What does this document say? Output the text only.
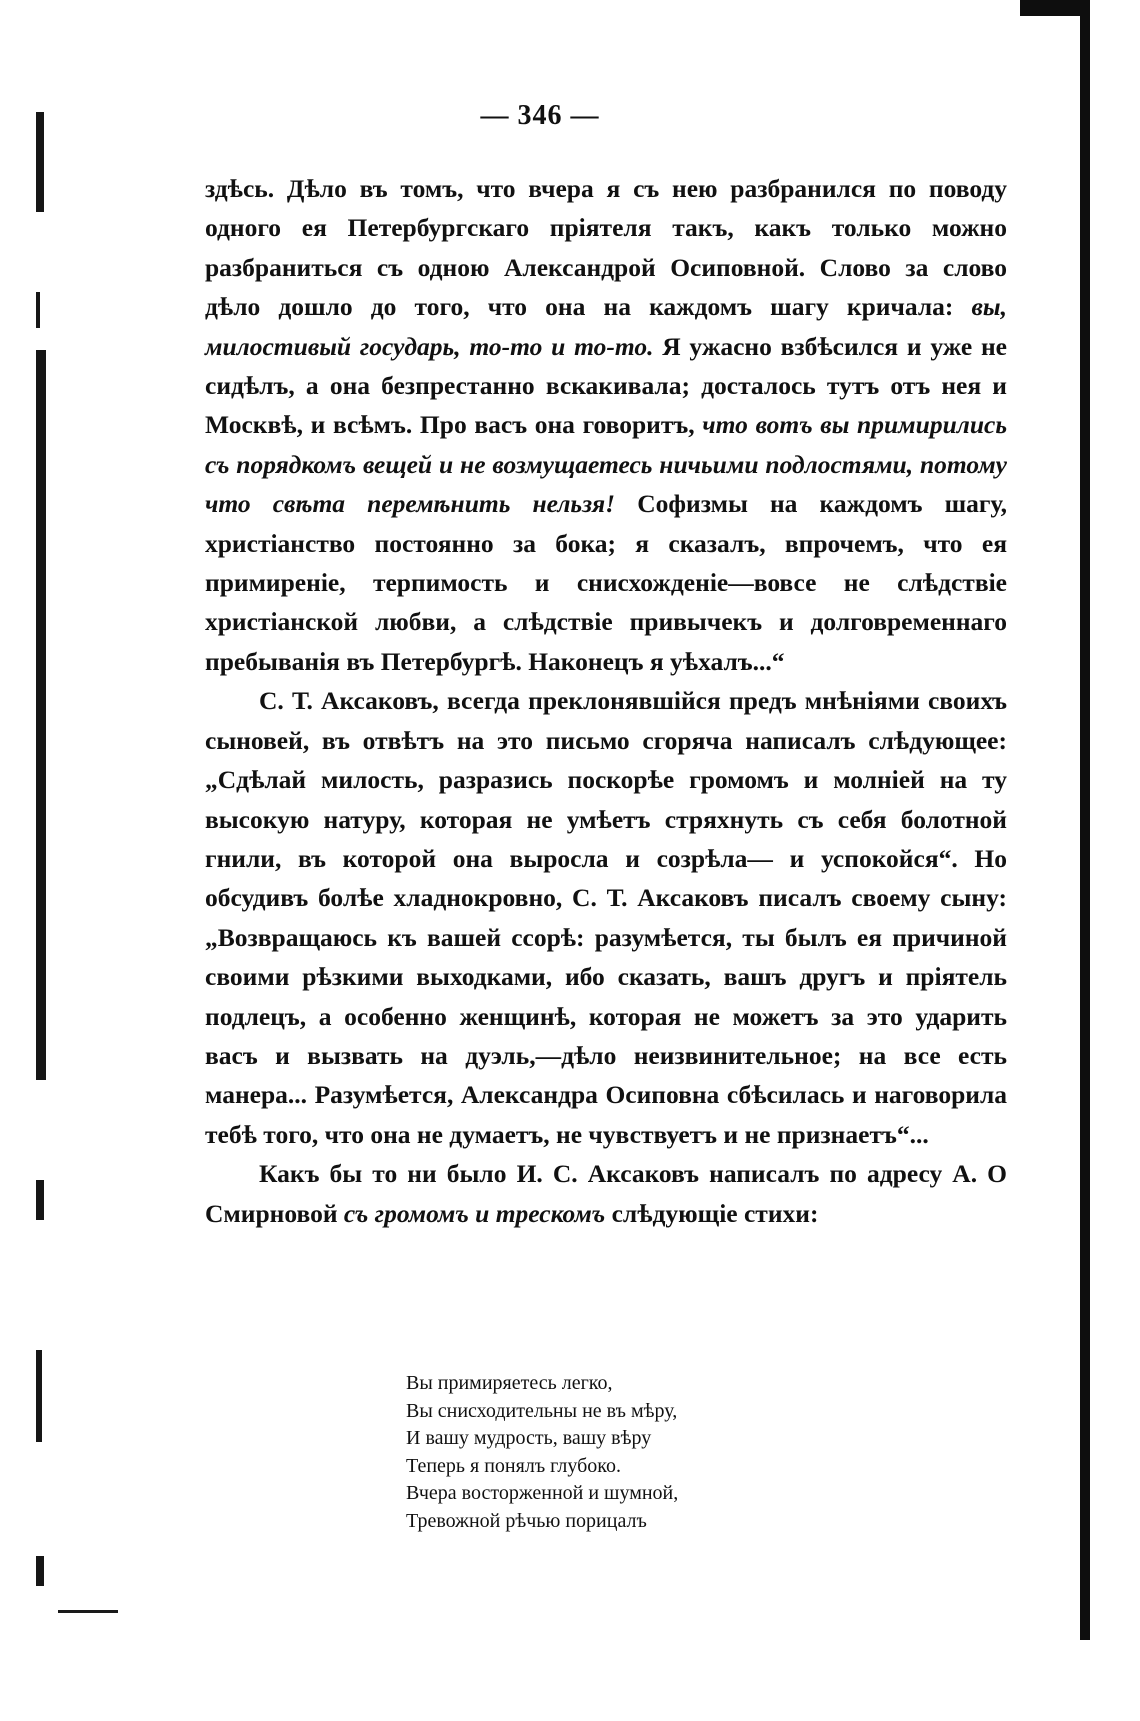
— 346 —

здѣсь. Дѣло въ томъ, что вчера я съ нею разбранился по поводу одного ея Петербургскаго пріятеля такъ, какъ только можно разбраниться съ одною Александрой Осиповной. Слово за слово дѣло дошло до того, что она на каждомъ шагу кричала: вы, милостивый государь, то-то и то-то. Я ужасно взбѣсился и уже не сидѣлъ, а она безпрестанно вскакивала; досталось тутъ отъ нея и Москвѣ, и всѣмъ. Про васъ она говоритъ, что вотъ вы примирились съ порядкомъ вещей и не возмущаетесь ничьими подлостями, потому что свѣта перемѣнить нельзя! Софизмы на каждомъ шагу, христіанство постоянно за бока; я сказалъ, впрочемъ, что ея примиреніе, терпимость и снисхожденіе—вовсе не слѣдствіе христіанской любви, а слѣдствіе привычекъ и долговременнаго пребыванія въ Петербургѣ. Наконецъ я уѣхалъ...“

С. Т. Аксаковъ, всегда преклонявшійся предъ мнѣніями своихъ сыновей, въ отвѣтъ на это письмо сгоряча написалъ слѣдующее: „Сдѣлай милость, разразись поскорѣе громомъ и молніей на ту высокую натуру, которая не умѣетъ стряхнуть съ себя болотной гнили, въ которой она выросла и созрѣла— и успокойся“. Но обсудивъ болѣе хладнокровно, С. Т. Аксаковъ писалъ своему сыну: „Возвращаюсь къ вашей ссорѣ: разумѣется, ты былъ ея причиной своими рѣзкими выходками, ибо сказать, вашъ другъ и пріятель подлецъ, а особенно женщинѣ, которая не можетъ за это ударить васъ и вызвать на дуэль,—дѣло неизвинительное; на все есть манера... Разумѣется, Александра Осиповна сбѣсилась и наговорила тебѣ того, что она не думаетъ, не чувствуетъ и не признаетъ“...

Какъ бы то ни было И. С. Аксаковъ написалъ по адресу А. О Смирновой съ громомъ и трескомъ слѣдующіе стихи:

Вы примиряетесь легко,
Вы снисходительны не въ мѣру,
И вашу мудрость, вашу вѣру
Теперь я понялъ глубоко.
Вчера восторженной и шумной,
Тревожной рѣчью порицалъ
